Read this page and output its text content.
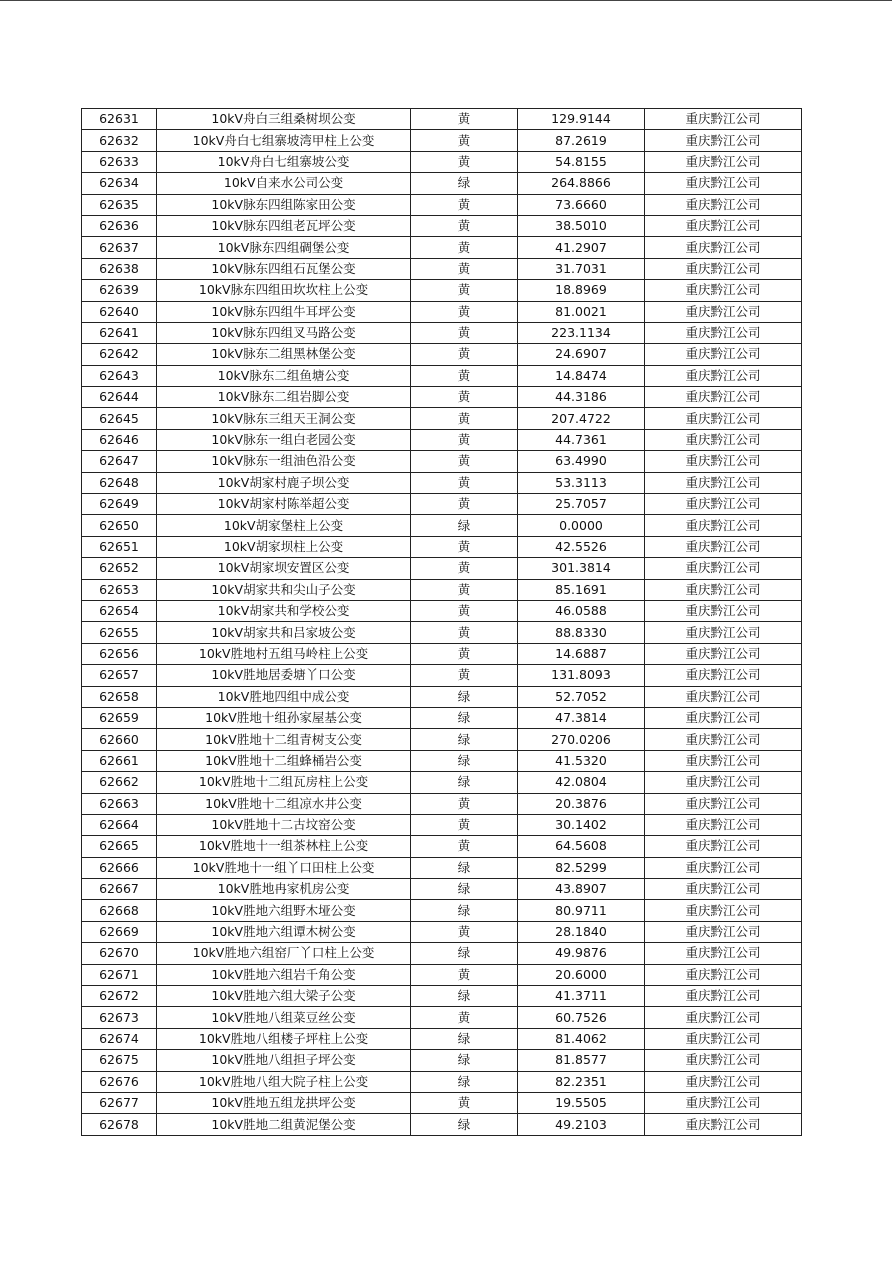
62631	10kV舟白三组桑树坝公变	黄	129.9144	重庆黔江公司
62632	10kV舟白七组寨坡湾甲柱上公变	黄	87.2619	重庆黔江公司
62633	10kV舟白七组寨坡公变	黄	54.8155	重庆黔江公司
62634	10kV自来水公司公变	绿	264.8866	重庆黔江公司
62635	10kV脉东四组陈家田公变	黄	73.6660	重庆黔江公司
62636	10kV脉东四组老瓦坪公变	黄	38.5010	重庆黔江公司
62637	10kV脉东四组碉堡公变	黄	41.2907	重庆黔江公司
62638	10kV脉东四组石瓦堡公变	黄	31.7031	重庆黔江公司
62639	10kV脉东四组田坎坎柱上公变	黄	18.8969	重庆黔江公司
62640	10kV脉东四组牛耳坪公变	黄	81.0021	重庆黔江公司
62641	10kV脉东四组叉马路公变	黄	223.1134	重庆黔江公司
62642	10kV脉东二组黑林堡公变	黄	24.6907	重庆黔江公司
62643	10kV脉东二组鱼塘公变	黄	14.8474	重庆黔江公司
62644	10kV脉东二组岩脚公变	黄	44.3186	重庆黔江公司
62645	10kV脉东三组天王洞公变	黄	207.4722	重庆黔江公司
62646	10kV脉东一组白老园公变	黄	44.7361	重庆黔江公司
62647	10kV脉东一组油色沿公变	黄	63.4990	重庆黔江公司
62648	10kV胡家村鹿子坝公变	黄	53.3113	重庆黔江公司
62649	10kV胡家村陈举超公变	黄	25.7057	重庆黔江公司
62650	10kV胡家堡柱上公变	绿	0.0000	重庆黔江公司
62651	10kV胡家坝柱上公变	黄	42.5526	重庆黔江公司
62652	10kV胡家坝安置区公变	黄	301.3814	重庆黔江公司
62653	10kV胡家共和尖山子公变	黄	85.1691	重庆黔江公司
62654	10kV胡家共和学校公变	黄	46.0588	重庆黔江公司
62655	10kV胡家共和吕家坡公变	黄	88.8330	重庆黔江公司
62656	10kV胜地村五组马岭柱上公变	黄	14.6887	重庆黔江公司
62657	10kV胜地居委塘丫口公变	黄	131.8093	重庆黔江公司
62658	10kV胜地四组中成公变	绿	52.7052	重庆黔江公司
62659	10kV胜地十组孙家屋基公变	绿	47.3814	重庆黔江公司
62660	10kV胜地十二组青树支公变	绿	270.0206	重庆黔江公司
62661	10kV胜地十二组蜂桶岩公变	绿	41.5320	重庆黔江公司
62662	10kV胜地十二组瓦房柱上公变	绿	42.0804	重庆黔江公司
62663	10kV胜地十二组凉水井公变	黄	20.3876	重庆黔江公司
62664	10kV胜地十二古坟窑公变	黄	30.1402	重庆黔江公司
62665	10kV胜地十一组茶林柱上公变	黄	64.5608	重庆黔江公司
62666	10kV胜地十一组丫口田柱上公变	绿	82.5299	重庆黔江公司
62667	10kV胜地冉家机房公变	绿	43.8907	重庆黔江公司
62668	10kV胜地六组野木垭公变	绿	80.9711	重庆黔江公司
62669	10kV胜地六组谭木树公变	黄	28.1840	重庆黔江公司
62670	10kV胜地六组窑厂丫口柱上公变	绿	49.9876	重庆黔江公司
62671	10kV胜地六组岩千角公变	黄	20.6000	重庆黔江公司
62672	10kV胜地六组大梁子公变	绿	41.3711	重庆黔江公司
62673	10kV胜地八组菜豆丝公变	黄	60.7526	重庆黔江公司
62674	10kV胜地八组楼子坪柱上公变	绿	81.4062	重庆黔江公司
62675	10kV胜地八组担子坪公变	绿	81.8577	重庆黔江公司
62676	10kV胜地八组大院子柱上公变	绿	82.2351	重庆黔江公司
62677	10kV胜地五组龙拱坪公变	黄	19.5505	重庆黔江公司
62678	10kV胜地二组黄泥堡公变	绿	49.2103	重庆黔江公司
